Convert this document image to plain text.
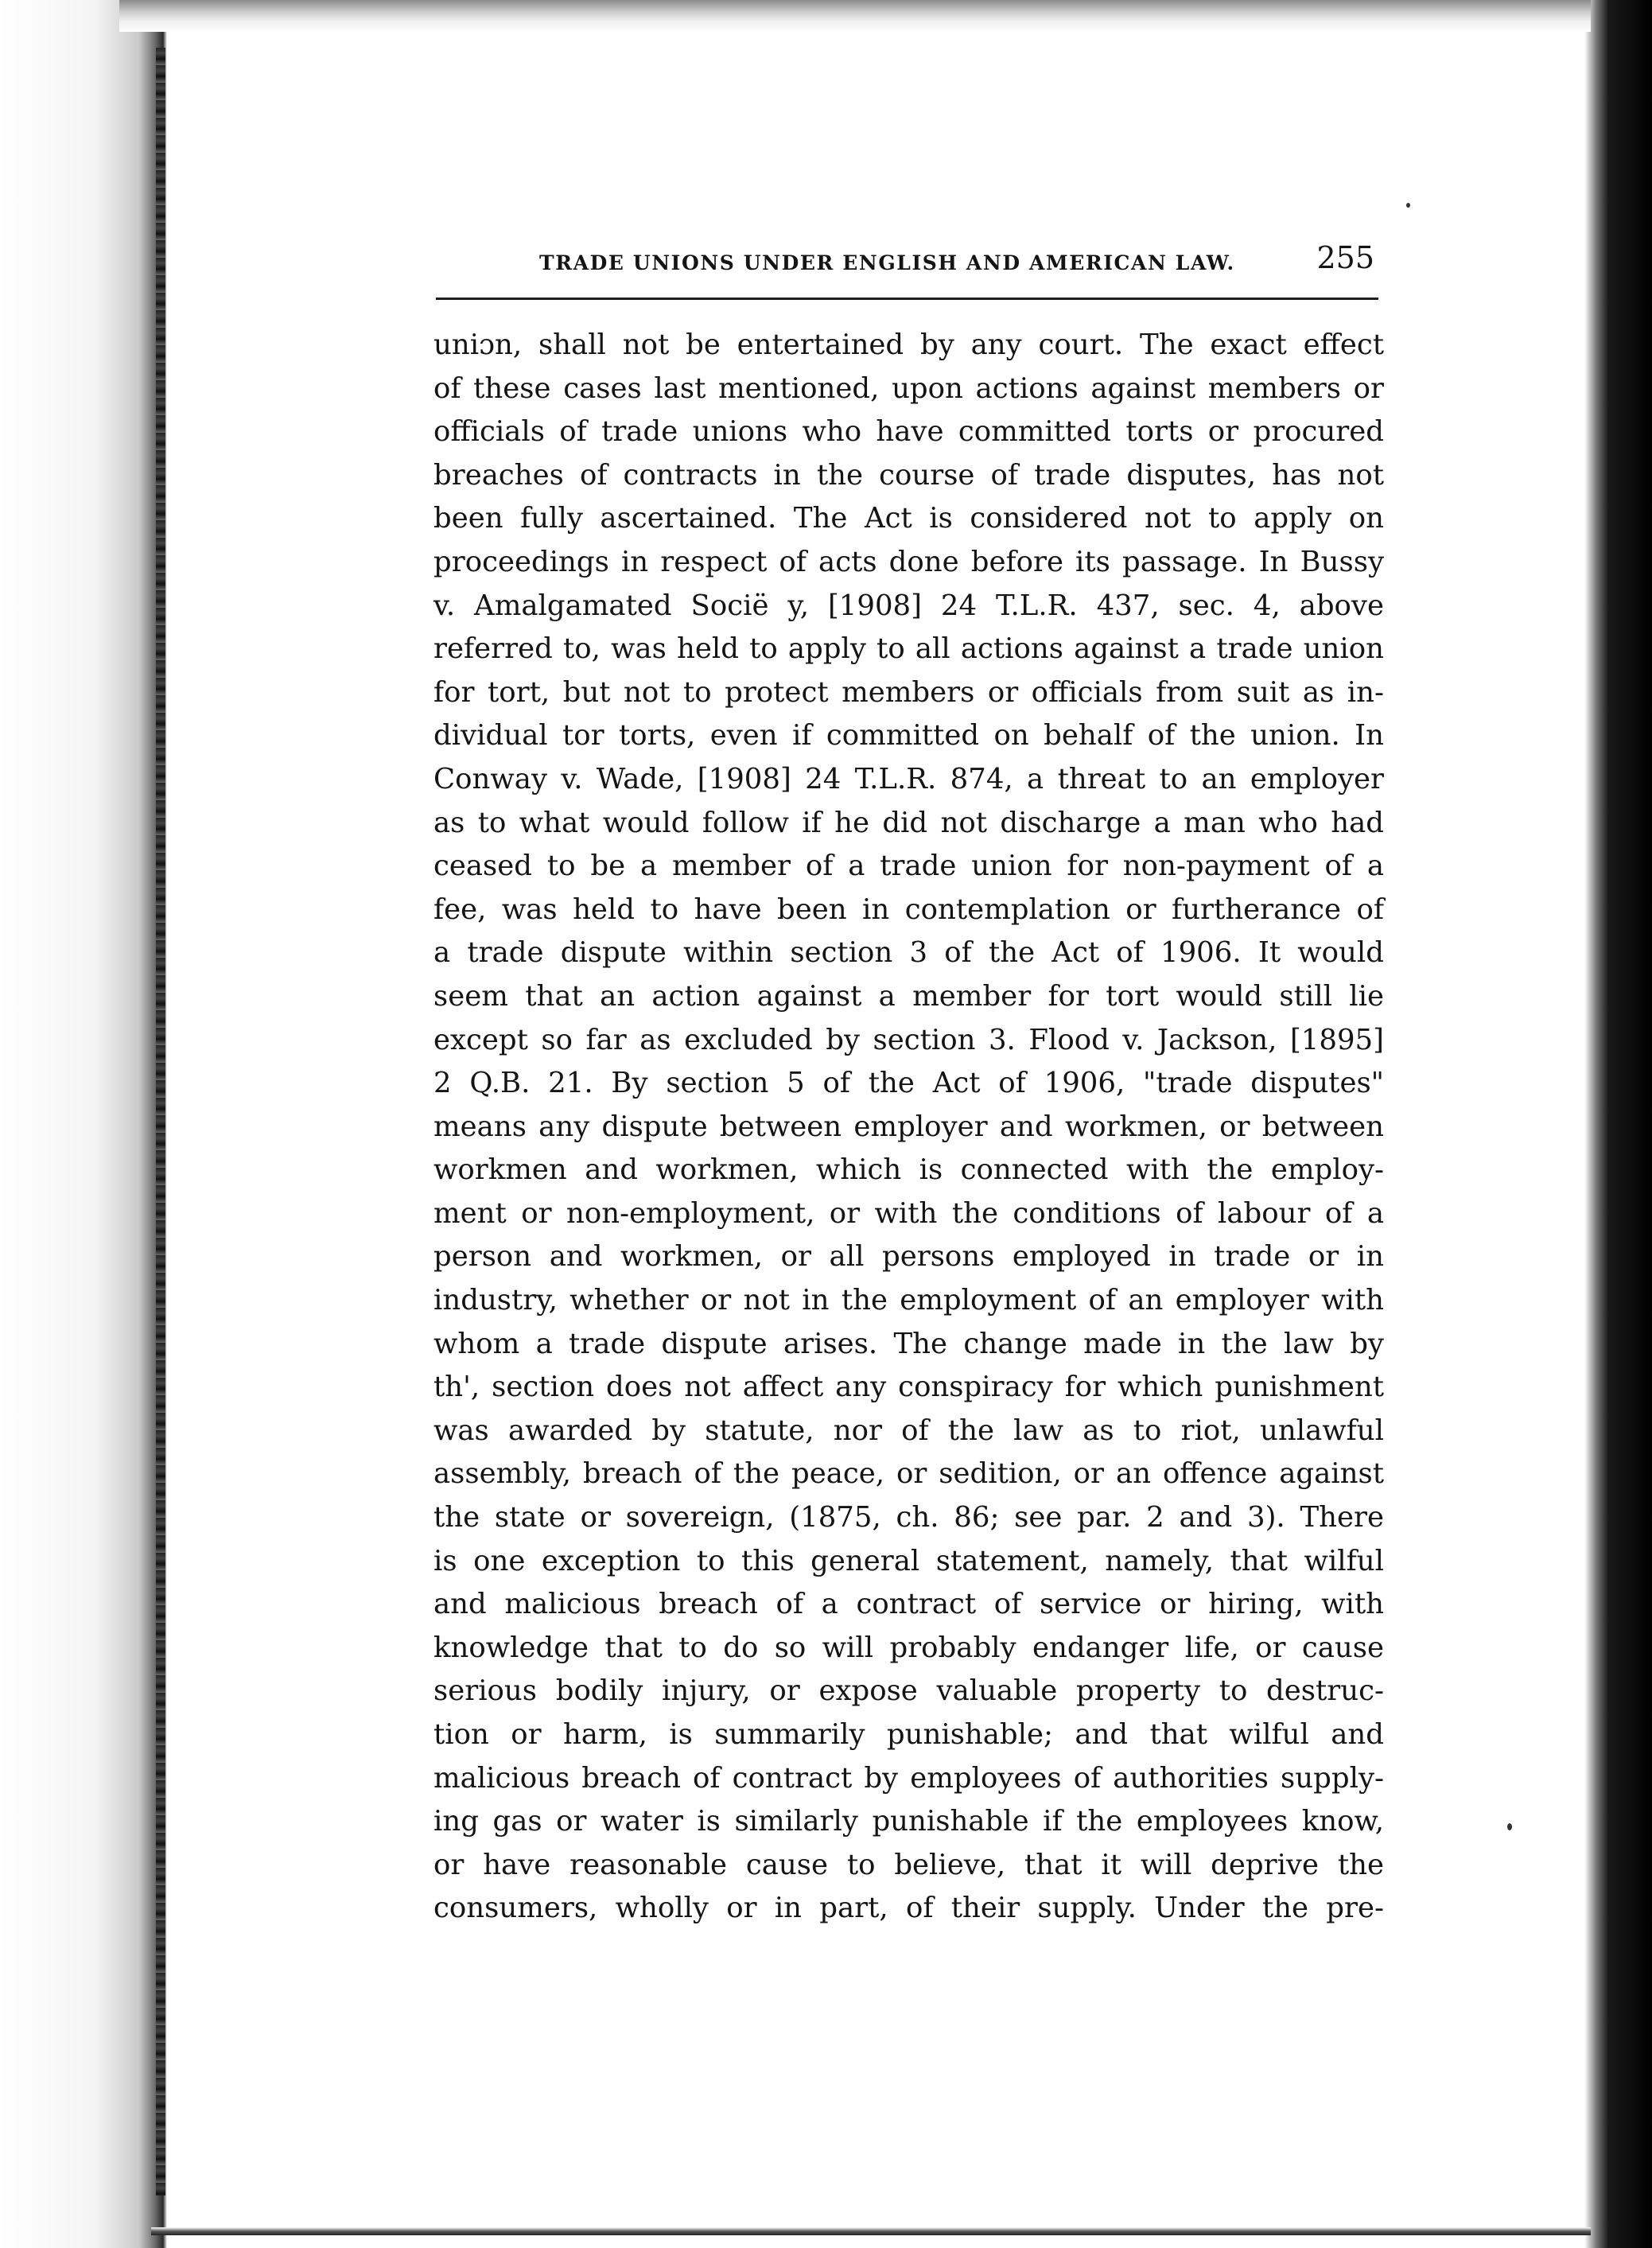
TRADE UNIONS UNDER ENGLISH AND AMERICAN LAW.	255
uniɔn, shall not be entertained by any court. The exact effect
of these cases last mentioned, upon actions against members or
officials of trade unions who have committed torts or procured
breaches of contracts in the course of trade disputes, has not
been fully ascertained. The Act is considered not to apply on
proceedings in respect of acts done before its passage. In Bussy
v. Amalgamated Socië y, [1908] 24 T.L.R. 437, sec. 4, above
referred to, was held to apply to all actions against a trade union
for tort, but not to protect members or officials from suit as in-
dividual tor torts, even if committed on behalf of the union. In
Conway v. Wade, [1908] 24 T.L.R. 874, a threat to an employer
as to what would follow if he did not discharge a man who had
ceased to be a member of a trade union for non-payment of a
fee, was held to have been in contemplation or furtherance of
a trade dispute within section 3 of the Act of 1906. It would
seem that an action against a member for tort would still lie
except so far as excluded by section 3. Flood v. Jackson, [1895]
2 Q.B. 21. By section 5 of the Act of 1906, "trade disputes"
means any dispute between employer and workmen, or between
workmen and workmen, which is connected with the employ-
ment or non-employment, or with the conditions of labour of a
person and workmen, or all persons employed in trade or in
industry, whether or not in the employment of an employer with
whom a trade dispute arises. The change made in the law by
th', section does not affect any conspiracy for which punishment
was awarded by statute, nor of the law as to riot, unlawful
assembly, breach of the peace, or sedition, or an offence against
the state or sovereign, (1875, ch. 86; see par. 2 and 3). There
is one exception to this general statement, namely, that wilful
and malicious breach of a contract of service or hiring, with
knowledge that to do so will probably endanger life, or cause
serious bodily injury, or expose valuable property to destruc-
tion or harm, is summarily punishable; and that wilful and
malicious breach of contract by employees of authorities supply-
ing gas or water is similarly punishable if the employees know,
or have reasonable cause to believe, that it will deprive the
consumers, wholly or in part, of their supply. Under the pre-
